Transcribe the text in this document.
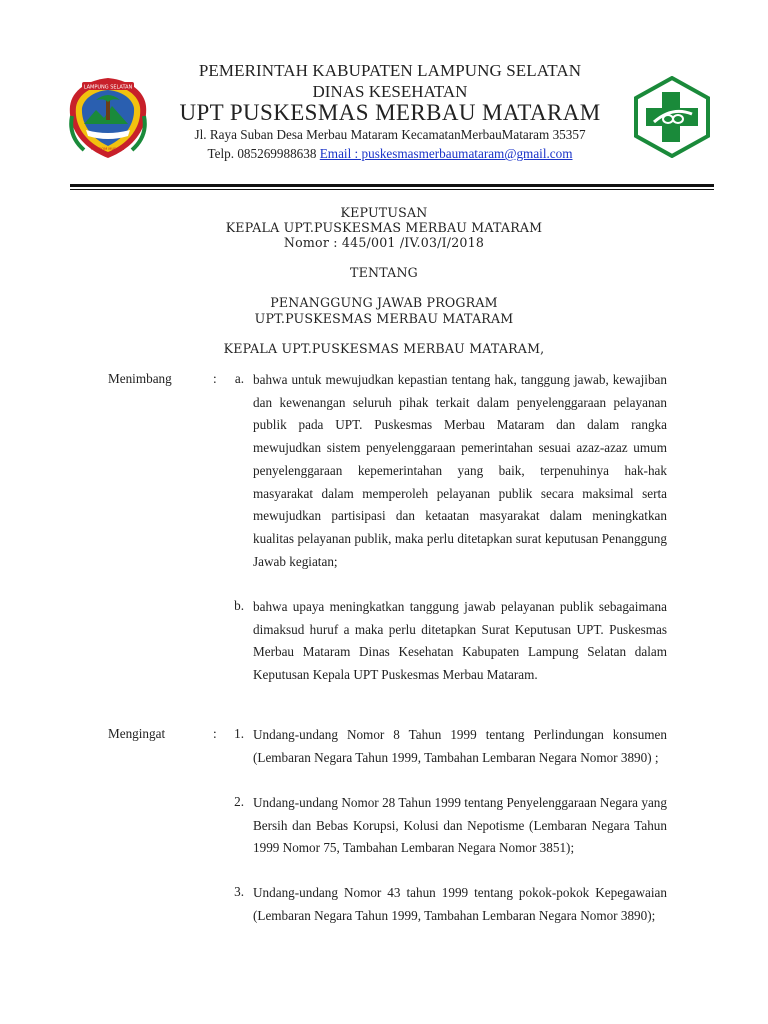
LAMPUNG SELATAN
KHAGOM MUFAKAT
PEMERINTAH KABUPATEN LAMPUNG SELATAN
DINAS KESEHATAN
UPT PUSKESMAS MERBAU MATARAM
Jl. Raya Suban Desa Merbau Mataram KecamatanMerbauMataram 35357
Telp. 085269988638 Email : puskesmasmerbaumataram@gmail.com
KEPUTUSAN
KEPALA UPT.PUSKESMAS MERBAU MATARAM
Nomor : 445/001 /IV.03/I/2018
TENTANG
PENANGGUNG JAWAB PROGRAM
UPT.PUSKESMAS MERBAU MATARAM
KEPALA UPT.PUSKESMAS MERBAU MATARAM,
Menimbang	:	a. bahwa untuk mewujudkan kepastian tentang hak, tanggung jawab, kewajiban dan kewenangan seluruh pihak terkait dalam penyelenggaraan pelayanan publik pada UPT. Puskesmas Merbau Mataram dan dalam rangka mewujudkan sistem penyelenggaraan pemerintahan sesuai azaz-azaz umum penyelenggaraan kepemerintahan yang baik, terpenuhinya hak-hak masyarakat dalam memperoleh pelayanan publik secara maksimal serta mewujudkan partisipasi dan ketaatan masyarakat dalam meningkatkan kualitas pelayanan publik, maka perlu ditetapkan surat keputusan Penanggung Jawab kegiatan;

b. bahwa upaya meningkatkan tanggung jawab pelayanan publik sebagaimana dimaksud huruf a maka perlu ditetapkan Surat Keputusan UPT. Puskesmas Merbau Mataram Dinas Kesehatan Kabupaten Lampung Selatan dalam Keputusan Kepala UPT Puskesmas Merbau Mataram.

Mengingat	:	1. Undang-undang Nomor 8 Tahun 1999 tentang Perlindungan konsumen (Lembaran Negara Tahun 1999, Tambahan Lembaran Negara Nomor 3890) ;

2. Undang-undang Nomor 28 Tahun 1999 tentang Penyelenggaraan Negara yang Bersih dan Bebas Korupsi, Kolusi dan Nepotisme (Lembaran Negara Tahun 1999 Nomor 75, Tambahan Lembaran Negara Nomor 3851);

3. Undang-undang Nomor 43 tahun 1999 tentang pokok-pokok Kepegawaian (Lembaran Negara Tahun 1999, Tambahan Lembaran Negara Nomor 3890);
